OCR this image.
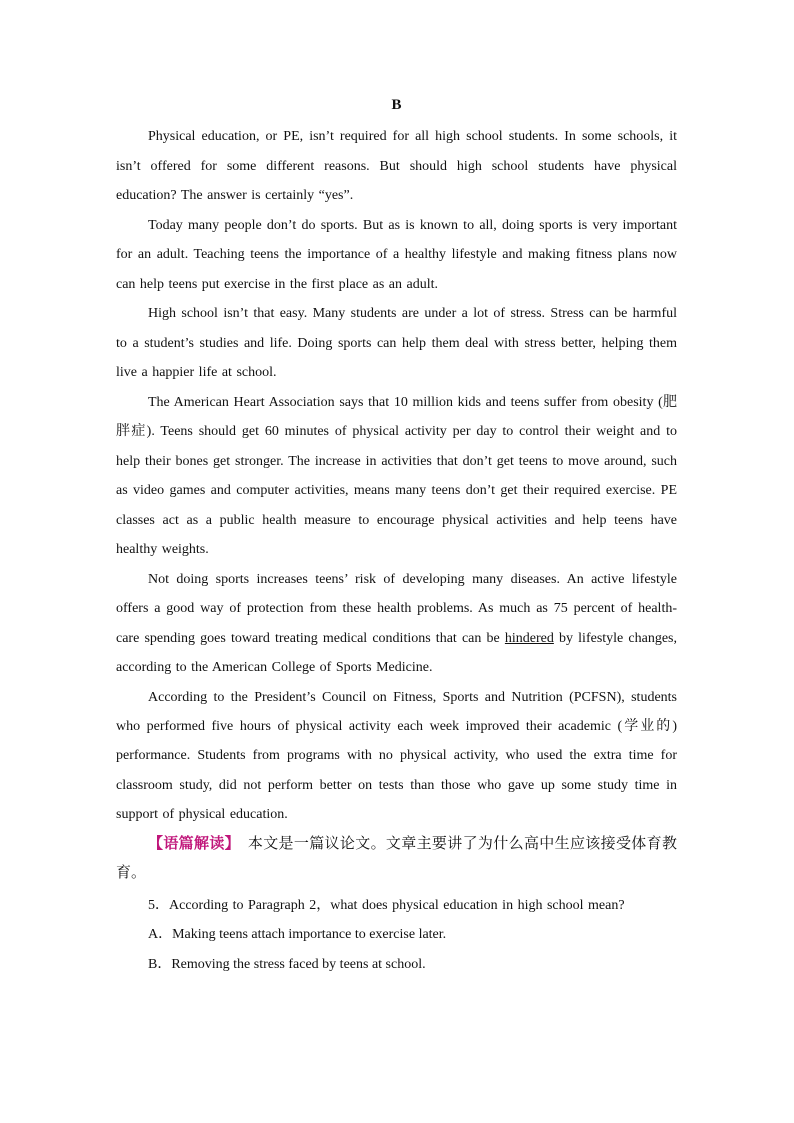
B

Physical education, or PE, isn’t required for all high school students. In some schools, it isn’t offered for some different reasons. But should high school students have physical education? The answer is certainly “yes”.

Today many people don’t do sports. But as is known to all, doing sports is very important for an adult. Teaching teens the importance of a healthy lifestyle and making fitness plans now can help teens put exercise in the first place as an adult.

High school isn’t that easy. Many students are under a lot of stress. Stress can be harmful to a student’s studies and life. Doing sports can help them deal with stress better, helping them live a happier life at school.

The American Heart Association says that 10 million kids and teens suffer from obesity (肥胖症). Teens should get 60 minutes of physical activity per day to control their weight and to help their bones get stronger. The increase in activities that don’t get teens to move around, such as video games and computer activities, means many teens don’t get their required exercise. PE classes act as a public health measure to encourage physical activities and help teens have healthy weights.

Not doing sports increases teens’ risk of developing many diseases. An active lifestyle offers a good way of protection from these health problems. As much as 75 percent of health-care spending goes toward treating medical conditions that can be hindered by lifestyle changes, according to the American College of Sports Medicine.

According to the President’s Council on Fitness, Sports and Nutrition (PCFSN), students who performed five hours of physical activity each week improved their academic (学业的) performance. Students from programs with no physical activity, who used the extra time for classroom study, did not perform better on tests than those who gave up some study time in support of physical education.

【语篇解读】　本文是一篇议论文。文章主要讲了为什么高中生应该接受体育教育。

5．According to Paragraph 2，what does physical education in high school mean?

A．Making teens attach importance to exercise later.

B．Removing the stress faced by teens at school.
